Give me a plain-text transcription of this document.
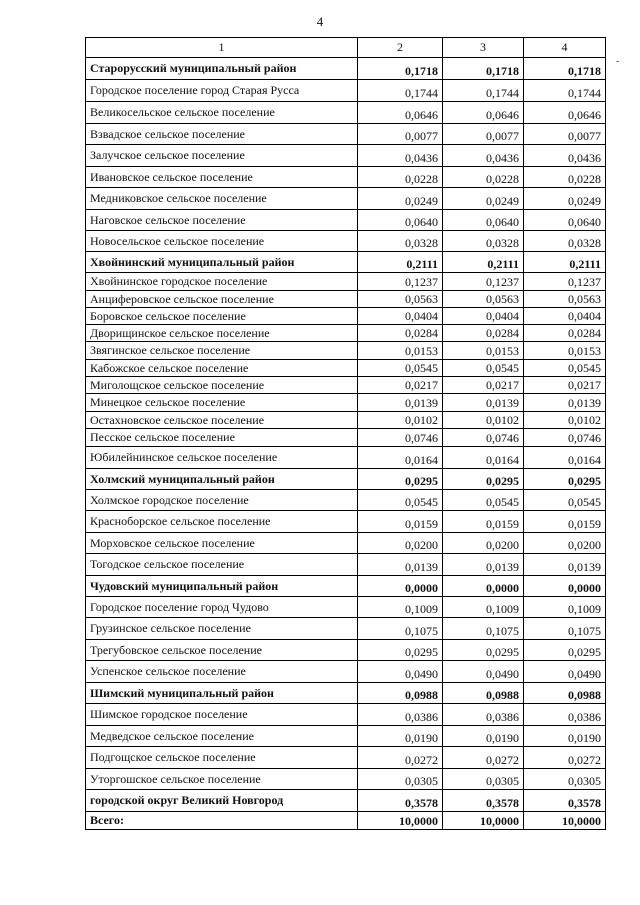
4
-
1	2	3	4
Старорусский муниципальный район	0,1718	0,1718	0,1718
Городское поселение город Старая Русса	0,1744	0,1744	0,1744
Великосельское сельское поселение	0,0646	0,0646	0,0646
Взвадское сельское поселение	0,0077	0,0077	0,0077
Залучское сельское поселение	0,0436	0,0436	0,0436
Ивановское сельское поселение	0,0228	0,0228	0,0228
Медниковское сельское поселение	0,0249	0,0249	0,0249
Наговское сельское поселение	0,0640	0,0640	0,0640
Новосельское сельское поселение	0,0328	0,0328	0,0328
Хвойнинский муниципальный район	0,2111	0,2111	0,2111
Хвойнинское городское поселение	0,1237	0,1237	0,1237
Анциферовское сельское поселение	0,0563	0,0563	0,0563
Боровское сельское поселение	0,0404	0,0404	0,0404
Дворищинское сельское поселение	0,0284	0,0284	0,0284
Звягинское сельское поселение	0,0153	0,0153	0,0153
Кабожское сельское поселение	0,0545	0,0545	0,0545
Миголощское сельское поселение	0,0217	0,0217	0,0217
Минецкое сельское поселение	0,0139	0,0139	0,0139
Остахновское сельское поселение	0,0102	0,0102	0,0102
Песское сельское поселение	0,0746	0,0746	0,0746
Юбилейнинское сельское поселение	0,0164	0,0164	0,0164
Холмский муниципальный район	0,0295	0,0295	0,0295
Холмское городское поселение	0,0545	0,0545	0,0545
Краснoборское сельское поселение	0,0159	0,0159	0,0159
Морховское сельское поселение	0,0200	0,0200	0,0200
Тогодское сельское поселение	0,0139	0,0139	0,0139
Чудовский муниципальный район	0,0000	0,0000	0,0000
Городское поселение город Чудово	0,1009	0,1009	0,1009
Грузинское сельское поселение	0,1075	0,1075	0,1075
Трегубовское сельское поселение	0,0295	0,0295	0,0295
Успенское сельское поселение	0,0490	0,0490	0,0490
Шимский муниципальный район	0,0988	0,0988	0,0988
Шимское городское поселение	0,0386	0,0386	0,0386
Медведское сельское поселение	0,0190	0,0190	0,0190
Подгощское сельское поселение	0,0272	0,0272	0,0272
Уторгошское сельское поселение	0,0305	0,0305	0,0305
городской округ Великий Новгород	0,3578	0,3578	0,3578
Всего:	10,0000	10,0000	10,0000
